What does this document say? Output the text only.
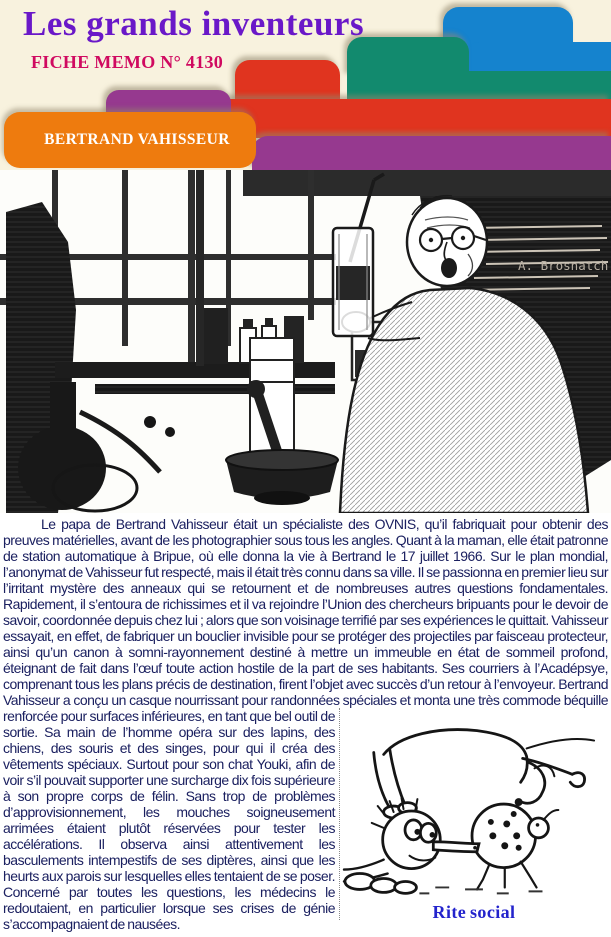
BERTRAND VAHISSEUR
Les grands inventeurs
FICHE MEMO N° 4130
A. Brosnatch
Le papa de Bertrand Vahisseur était un spécialiste des OVNIS, qu’il fabriquait pour obtenir des preuves matérielles, avant de les photographier sous tous les angles. Quant à la maman, elle était patronne de station automatique à Bripue, où elle donna la vie à Bertrand le 17 juillet 1966. Sur le plan mondial, l’anonymat de Vahisseur fut respecté, mais il était très connu dans sa ville. Il se passionna en premier lieu sur l’irritant mystère des anneaux qui se retournent et de nombreuses autres questions fondamentales. Rapidement, il s’entoura de richissimes et il va rejoindre l’Union des chercheurs bripuants pour le devoir de savoir, coordonnée depuis chez lui ; alors que son voisinage terrifié par ses expériences le quittait. Vahisseur essayait, en effet, de fabriquer un bouclier invisible pour se protéger des projectiles par faisceau protecteur, ainsi qu’un canon à somni-rayonnement destiné à mettre un immeuble en état de sommeil profond, éteignant de fait dans l’œuf toute action hostile de la part de ses habitants. Ses courriers à l’Acadépsye, comprenant tous les plans précis de destination, firent l’objet avec succès d’un retour à l’envoyeur. Bertrand Vahisseur a conçu un casque nourrissant pour randonnées spéciales et monta une très commode
Rite social
béquille renforcée pour surfaces inférieures, en tant que bel outil de sortie. Sa main de l’homme opéra sur des lapins, des chiens, des souris et des singes, pour qui il créa des vêtements spéciaux. Surtout pour son chat Youki, afin de voir s’il pouvait supporter une surcharge dix fois supérieure à son propre corps de félin. Sans trop de problèmes d’approvisionnement, les mouches soigneusement arrimées étaient plutôt réservées pour tester les accélérations. Il observa ainsi attentivement les basculements intempestifs de ses diptères, ainsi que les heurts aux parois sur lesquelles elles tentaient de se poser. Concerné par toutes les questions, les médecins le redoutaient, en particulier lorsque ses crises de génie s’accompagnaient de nausées.
